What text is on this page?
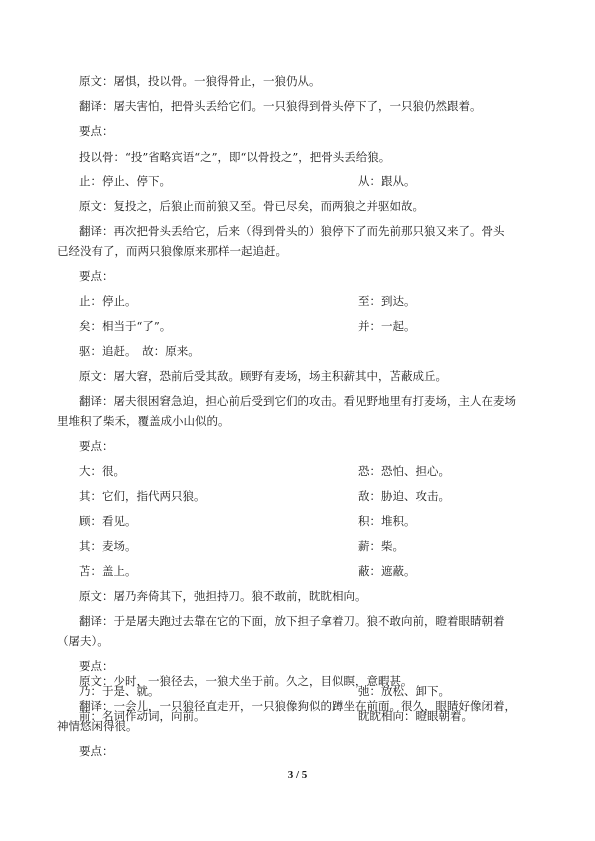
原文：屠惧，投以骨。一狼得骨止，一狼仍从。
翻译：屠夫害怕，把骨头丢给它们。一只狼得到骨头停下了，一只狼仍然跟着。
要点：
投以骨：“投”省略宾语“之”，即“以骨投之”，把骨头丢给狼。
止：停止、停下。	从：跟从。
原文：复投之，后狼止而前狼又至。骨已尽矣，而两狼之并驱如故。
翻译：再次把骨头丢给它，后来（得到骨头的）狼停下了而先前那只狼又来了。骨头
已经没有了，而两只狼像原来那样一起追赶。
要点：
止：停止。	至：到达。
矣：相当于“了”。	并：一起。
驱：追赶。　故：原来。
原文：屠大窘，恐前后受其敌。顾野有麦场，场主积薪其中，苫蔽成丘。
翻译：屠夫很困窘急迫，担心前后受到它们的攻击。看见野地里有打麦场，主人在麦场
里堆积了柴禾，覆盖成小山似的。
要点：
大：很。	恐：恐怕、担心。
其：它们，指代两只狼。	敌：胁迫、攻击。
顾：看见。	积：堆积。
其：麦场。	薪：柴。
苫：盖上。	蔽：遮蔽。
原文：屠乃奔倚其下，弛担持刀。狼不敢前，眈眈相向。
翻译：于是屠夫跑过去靠在它的下面，放下担子拿着刀。狼不敢向前，瞪着眼睛朝着
（屠夫）。
要点：
乃：于是、就。	弛：放松、卸下。
前：名词作动词，向前。	眈眈相向：瞪眼朝着。
原文：少时，一狼径去，一狼犬坐于前。久之，目似瞑，意暇甚。
翻译：一会儿，一只狼径直走开，一只狼像狗似的蹲坐在前面。很久，眼睛好像闭着，
神情悠闲得很。
要点：
3 / 5
